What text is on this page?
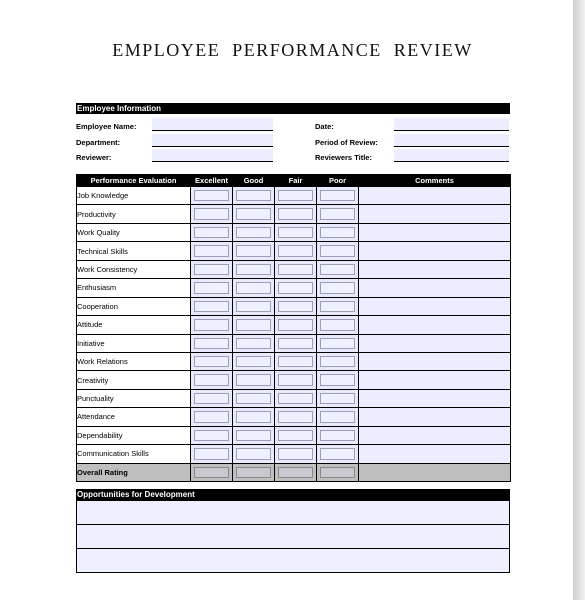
EMPLOYEE PERFORMANCE REVIEW
Employee Information
Employee Name:
Department:
Reviewer:
Date:
Period of Review:
Reviewers Title:
Performance Evaluation	Excellent	Good	Fair	Poor	Comments
Job Knowledge	

Productivity	

Work Quality	

Technical Skills	

Work Consistency	

Enthusiasm	

Cooperation	

Attitude	

Initiative	

Work Relations	

Creativity	

Punctuality	

Attendance	

Dependability	

Communication Skills	

Overall Rating	

Opportunities for Development
